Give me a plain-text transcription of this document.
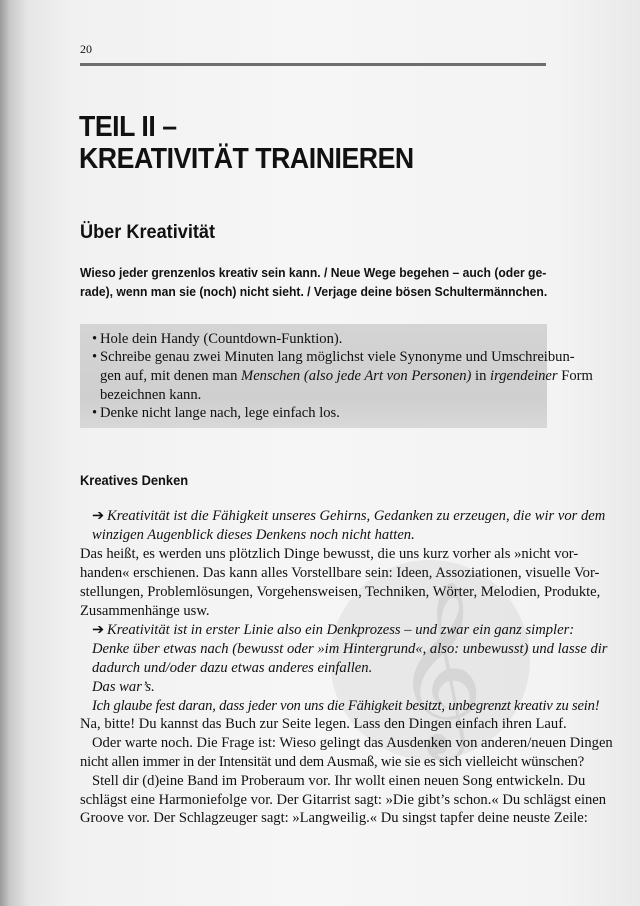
𝄞
20
TEIL II –
KREATIVITÄT TRAINIEREN
Über Kreativität
Wieso jeder grenzenlos kreativ sein kann. / Neue Wege begehen – auch (oder ge-
rade), wenn man sie (noch) nicht sieht. / Verjage deine bösen Schultermännchen.
• Hole dein Handy (Countdown-Funktion).
• Schreibe genau zwei Minuten lang möglichst viele Synonyme und Umschreibun-
gen auf, mit denen man Menschen (also jede Art von Personen) in irgendeiner Form
bezeichnen kann.
• Denke nicht lange nach, lege einfach los.
Kreatives Denken
➔ Kreativität ist die Fähigkeit unseres Gehirns, Gedanken zu erzeugen, die wir vor dem
winzigen Augenblick dieses Denkens noch nicht hatten.
Das heißt, es werden uns plötzlich Dinge bewusst, die uns kurz vorher als »nicht vor-
handen« erschienen. Das kann alles Vorstellbare sein: Ideen, Assoziationen, visuelle Vor-
stellungen, Problemlösungen, Vorgehensweisen, Techniken, Wörter, Melodien, Produkte,
Zusammenhänge usw.
➔ Kreativität ist in erster Linie also ein Denkprozess – und zwar ein ganz simpler:
Denke über etwas nach (bewusst oder »im Hintergrund«, also: unbewusst) und lasse dir
dadurch und/oder dazu etwas anderes einfallen.
Das war’s.
Ich glaube fest daran, dass jeder von uns die Fähigkeit besitzt, unbegrenzt kreativ zu sein!
Na, bitte! Du kannst das Buch zur Seite legen. Lass den Dingen einfach ihren Lauf.
Oder warte noch. Die Frage ist: Wieso gelingt das Ausdenken von anderen/neuen Dingen
nicht allen immer in der Intensität und dem Ausmaß, wie sie es sich vielleicht wünschen?
Stell dir (d)eine Band im Proberaum vor. Ihr wollt einen neuen Song entwickeln. Du
schlägst eine Harmoniefolge vor. Der Gitarrist sagt: »Die gibt’s schon.« Du schlägst einen
Groove vor. Der Schlagzeuger sagt: »Langweilig.« Du singst tapfer deine neuste Zeile:
